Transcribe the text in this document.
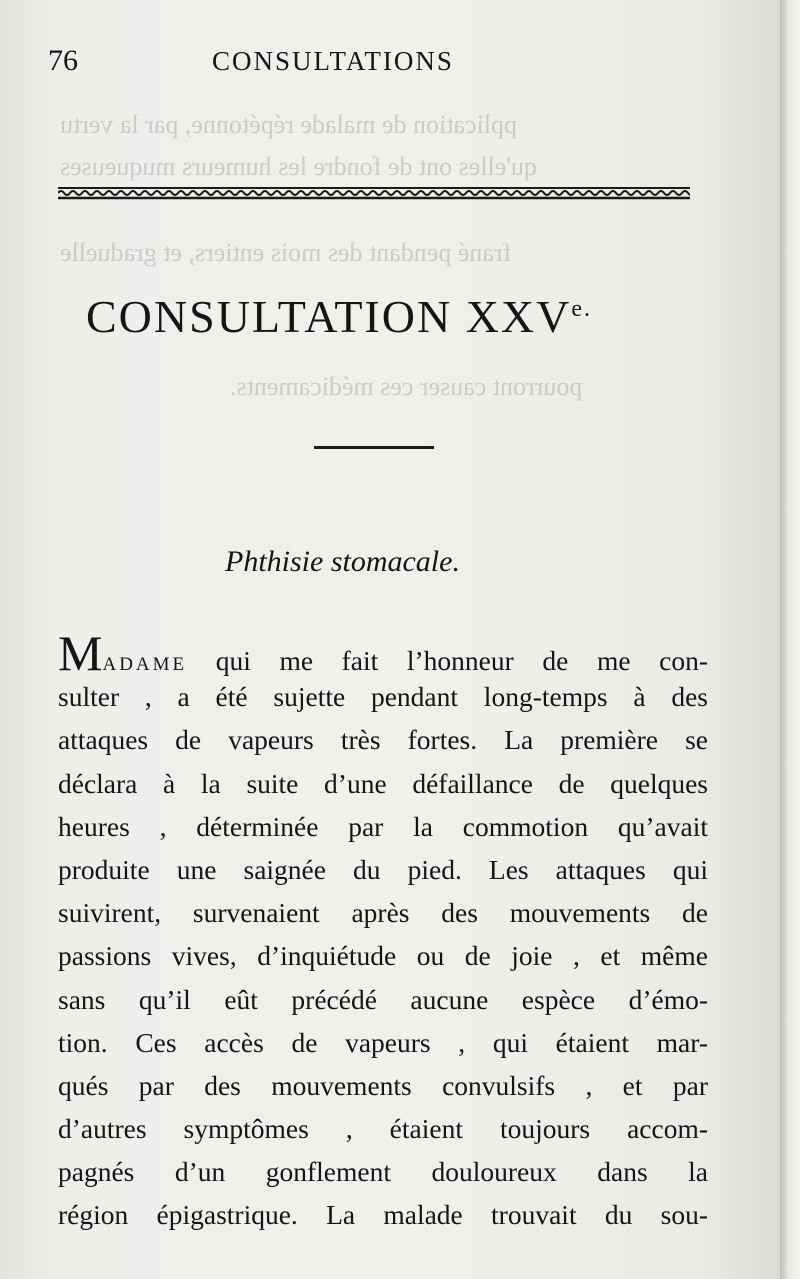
pplication de malade répétonne, par la vertu
qu'elles ont de fondre les humeurs muqueuses
frané pendant des mois entiers, et graduelle
pourront causer ces médicaments.
76	CONSULTATIONS
CONSULTATION $XXV^{e.}$
Phthisie stomacale.
MADAME qui me fait l’honneur de me con-
sulter , a été sujette pendant long-temps à des
attaques de vapeurs très fortes. La première se
déclara à la suite d’une défaillance de quelques
heures , déterminée par la commotion qu’avait
produite une saignée du pied. Les attaques qui
suivirent, survenaient après des mouvements de
passions vives, d’inquiétude ou de joie , et même
sans qu’il eût précédé aucune espèce d’émo-
tion. Ces accès de vapeurs , qui étaient mar-
qués par des mouvements convulsifs , et par
d’autres symptômes , étaient toujours accom-
pagnés d’un gonflement douloureux dans la
région épigastrique. La malade trouvait du sou-
